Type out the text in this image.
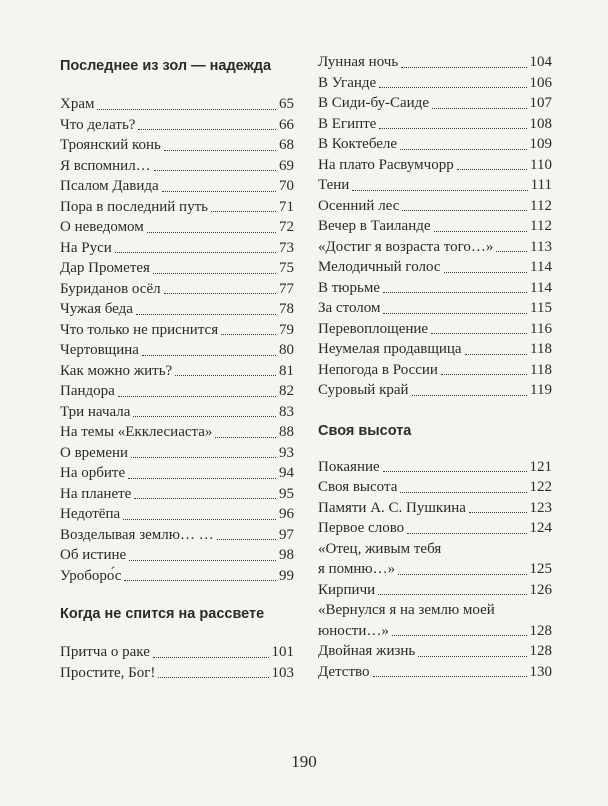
Последнее из зол — надежда
Храм	65
Что делать?	66
Троянский конь	68
Я вспомнил…	69
Псалом Давида	70
Пора в последний путь	71
О неведомом	72
На Руси	73
Дар Прометея	75
Буриданов осёл	77
Чужая беда	78
Что только не приснится	79
Чертовщина	80
Как можно жить?	81
Пандора	82
Три начала	83
На темы «Екклесиаста»	88
О времени	93
На орбите	94
На планете	95
Недотёпа	96
Возделывая землю… …	97
Об истине	98
Уроборо́с	99
Когда не спится на рассвете
Притча о раке	101
Простите, Бог!	103
Лунная ночь	104
В Уганде	106
В Сиди-бу-Саиде	107
В Египте	108
В Коктебеле	109
На плато Расвумчорр	110
Тени	111
Осенний лес	112
Вечер в Таиланде	112
«Достиг я возраста того…» 113
Мелодичный голос	114
В тюрьме	114
За столом	115
Перевоплощение	116
Неумелая продавщица	118
Непогода в России	118
Суровый край	119
Своя высота
Покаяние	121
Своя высота	122
Памяти А. С. Пушкина	123
Первое слово	124
«Отец, живым тебя
я помню…»	125
Кирпичи	126
«Вернулся я на землю моей
юности…»	128
Двойная жизнь	128
Детство	130
190
